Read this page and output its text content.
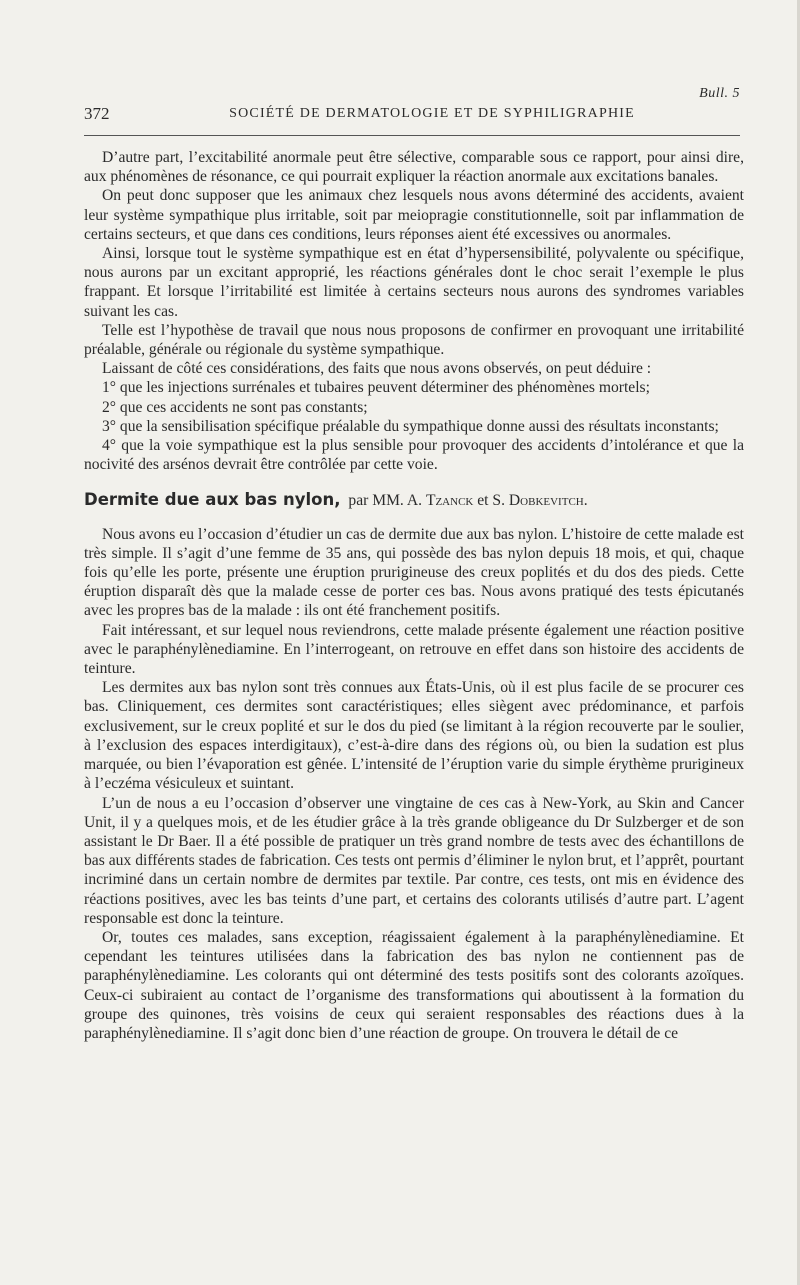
Bull. 5
372	SOCIÉTÉ DE DERMATOLOGIE ET DE SYPHILIGRAPHIE

D’autre part, l’excitabilité anormale peut être sélective, comparable sous ce rapport, pour ainsi dire, aux phénomènes de résonance, ce qui pourrait expliquer la réaction anormale aux excitations banales.

On peut donc supposer que les animaux chez lesquels nous avons déterminé des accidents, avaient leur système sympathique plus irritable, soit par meiopragie constitutionnelle, soit par inflammation de certains secteurs, et que dans ces conditions, leurs réponses aient été excessives ou anormales.

Ainsi, lorsque tout le système sympathique est en état d’hypersensibilité, polyvalente ou spécifique, nous aurons par un excitant approprié, les réactions générales dont le choc serait l’exemple le plus frappant. Et lorsque l’irritabilité est limitée à certains secteurs nous aurons des syndromes variables suivant les cas.

Telle est l’hypothèse de travail que nous nous proposons de confirmer en provoquant une irritabilité préalable, générale ou régionale du système sympathique.

Laissant de côté ces considérations, des faits que nous avons observés, on peut déduire :

1° que les injections surrénales et tubaires peuvent déterminer des phénomènes mortels;

2° que ces accidents ne sont pas constants;

3° que la sensibilisation spécifique préalable du sympathique donne aussi des résultats inconstants;

4° que la voie sympathique est la plus sensible pour provoquer des accidents d’intolérance et que la nocivité des arsénos devrait être contrôlée par cette voie.

Dermite due aux bas nylon, par MM. A. Tzanck et S. Dobkevitch.

Nous avons eu l’occasion d’étudier un cas de dermite due aux bas nylon. L’histoire de cette malade est très simple. Il s’agit d’une femme de 35 ans, qui possède des bas nylon depuis 18 mois, et qui, chaque fois qu’elle les porte, présente une éruption prurigineuse des creux poplités et du dos des pieds. Cette éruption disparaît dès que la malade cesse de porter ces bas. Nous avons pratiqué des tests épicutanés avec les propres bas de la malade : ils ont été franchement positifs.

Fait intéressant, et sur lequel nous reviendrons, cette malade présente également une réaction positive avec le paraphénylènediamine. En l’interrogeant, on retrouve en effet dans son histoire des accidents de teinture.

Les dermites aux bas nylon sont très connues aux États-Unis, où il est plus facile de se procurer ces bas. Cliniquement, ces dermites sont caractéristiques; elles siègent avec prédominance, et parfois exclusivement, sur le creux poplité et sur le dos du pied (se limitant à la région recouverte par le soulier, à l’exclusion des espaces interdigitaux), c’est-à-dire dans des régions où, ou bien la sudation est plus marquée, ou bien l’évaporation est gênée. L’intensité de l’éruption varie du simple érythème prurigineux à l’eczéma vésiculeux et suintant.

L’un de nous a eu l’occasion d’observer une vingtaine de ces cas à New-York, au Skin and Cancer Unit, il y a quelques mois, et de les étudier grâce à la très grande obligeance du Dr Sulzberger et de son assistant le Dr Baer. Il a été possible de pratiquer un très grand nombre de tests avec des échantillons de bas aux différents stades de fabrication. Ces tests ont permis d’éliminer le nylon brut, et l’apprêt, pourtant incriminé dans un certain nombre de dermites par textile. Par contre, ces tests, ont mis en évidence des réactions positives, avec les bas teints d’une part, et certains des colorants utilisés d’autre part. L’agent responsable est donc la teinture.

Or, toutes ces malades, sans exception, réagissaient également à la paraphénylènediamine. Et cependant les teintures utilisées dans la fabrication des bas nylon ne contiennent pas de paraphénylènediamine. Les colorants qui ont déterminé des tests positifs sont des colorants azoïques. Ceux-ci subiraient au contact de l’organisme des transformations qui aboutissent à la formation du groupe des quinones, très voisins de ceux qui seraient responsables des réactions dues à la paraphénylènediamine. Il s’agit donc bien d’une réaction de groupe. On trouvera le détail de ce
